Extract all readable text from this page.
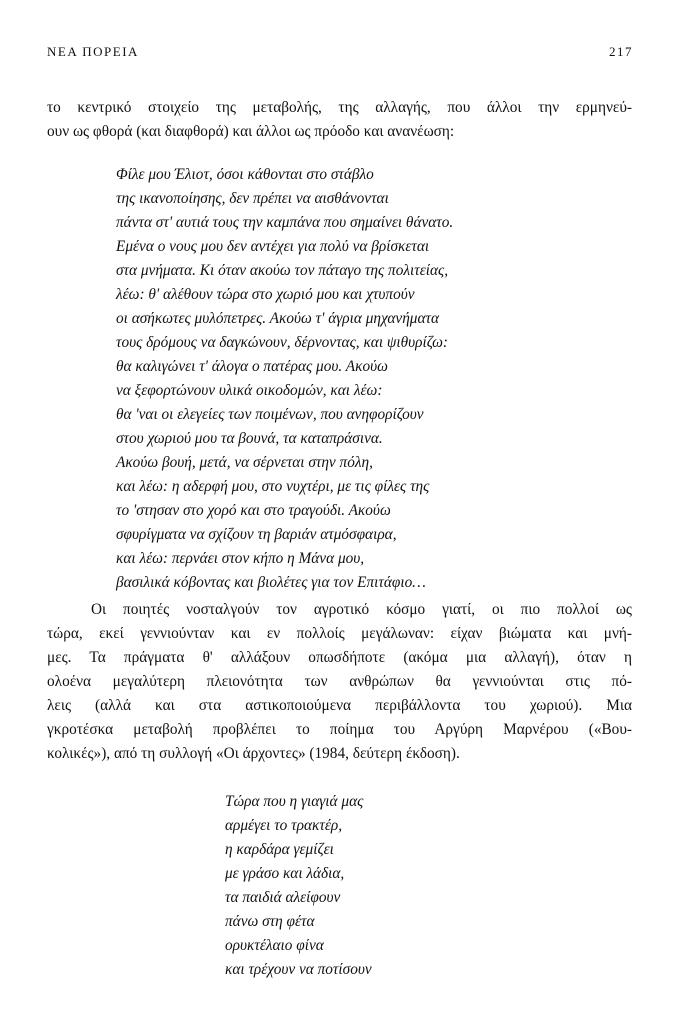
ΝΕΑ ΠΟΡΕΙΑ	217
το κεντρικό στοιχείο της μεταβολής, της αλλαγής, που άλλοι την ερμηνεύ-
ουν ως φθορά (και διαφθορά) και άλλοι ως πρόοδο και ανανέωση:
Φίλε μου Έλιοτ, όσοι κάθονται στο στάβλο
της ικανοποίησης, δεν πρέπει να αισθάνονται
πάντα στ' αυτιά τους την καμπάνα που σημαίνει θάνατο.
Εμένα ο νους μου δεν αντέχει για πολύ να βρίσκεται
στα μνήματα. Κι όταν ακούω τον πάταγο της πολιτείας,
λέω: θ' αλέθουν τώρα στο χωριό μου και χτυπούν
οι ασήκωτες μυλόπετρες. Ακούω τ' άγρια μηχανήματα
τους δρόμους να δαγκώνουν, δέρνοντας, και ψιθυρίζω:
θα καλιγώνει τ' άλογα ο πατέρας μου. Ακούω
να ξεφορτώνουν υλικά οικοδομών, και λέω:
θα 'ναι οι ελεγείες των ποιμένων, που ανηφορίζουν
στου χωριού μου τα βουνά, τα καταπράσινα.
Ακούω βουή, μετά, να σέρνεται στην πόλη,
και λέω: η αδερφή μου, στο νυχτέρι, με τις φίλες της
το 'στησαν στο χορό και στο τραγούδι. Ακούω
σφυρίγματα να σχίζουν τη βαριάν ατμόσφαιρα,
και λέω: περνάει στον κήπο η Μάνα μου,
βασιλικά κόβοντας και βιολέτες για τον Επιτάφιο…
Οι ποιητές νοσταλγούν τον αγροτικό κόσμο γιατί, οι πιο πολλοί ως
τώρα, εκεί γεννιούνταν και εν πολλοίς μεγάλωναν: είχαν βιώματα και μνή-
μες. Τα πράγματα θ' αλλάξουν οπωσδήποτε (ακόμα μια αλλαγή), όταν η
ολοένα μεγαλύτερη πλειονότητα των ανθρώπων θα γεννιούνται στις πό-
λεις (αλλά και στα αστικοποιούμενα περιβάλλοντα του χωριού). Μια
γκροτέσκα μεταβολή προβλέπει το ποίημα του Αργύρη Μαρνέρου («Βου-
κολικές»), από τη συλλογή «Οι άρχοντες» (1984, δεύτερη έκδοση).
Τώρα που η γιαγιά μας
αρμέγει το τρακτέρ,
η καρδάρα γεμίζει
με γράσο και λάδια,
τα παιδιά αλείφουν
πάνω στη φέτα
ορυκτέλαιο φίνα
και τρέχουν να ποτίσουν
